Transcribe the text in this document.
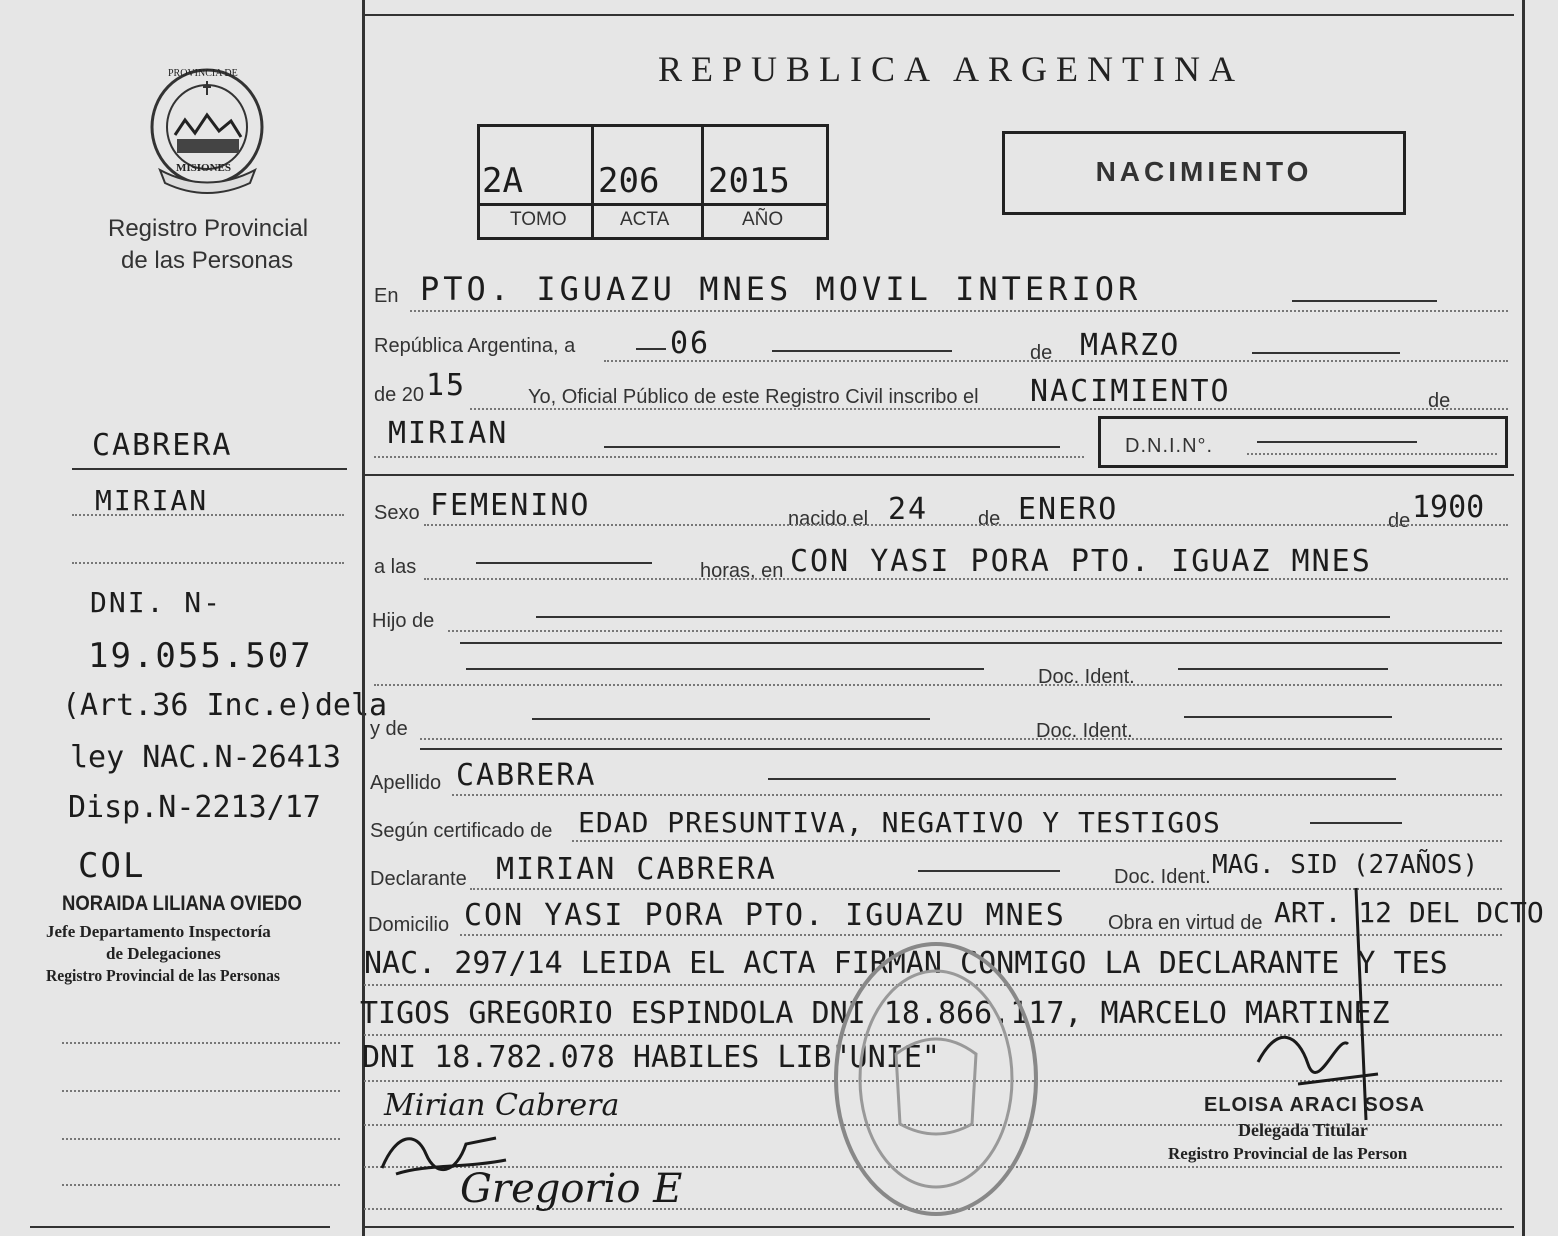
PROVINCIA DE
MISIONES
Registro Provincial
de las Personas
CABRERA
MIRIAN
DNI. N-
19.055.507
(Art.36 Inc.e)dela
ley NAC.N-26413
Disp.N-2213/17
COL
NORAIDA LILIANA OVIEDO
Jefe Departamento Inspectoría
de Delegaciones
Registro Provincial de las Personas
REPUBLICA ARGENTINA
2A 206 2015
TOMO	ACTA	AÑO
NACIMIENTO
En PTO. IGUAZU MNES MOVIL INTERIOR
República Argentina, a	06	de MARZO
de 20 15	Yo, Oficial Público de este Registro Civil inscribo el NACIMIENTO	de
MIRIAN	D.N.I.N°.
Sexo FEMENINO	nacido el 24 de ENERO	de 1900
a las	horas, en CON YASI PORA PTO. IGUAZ MNES
Hijo de
Doc. Ident.
y de	Doc. Ident.
Apellido CABRERA
Según certificado de EDAD PRESUNTIVA, NEGATIVO Y TESTIGOS
Declarante MIRIAN CABRERA	Doc. Ident. MAG. SID (27AÑOS)
Domicilio CON YASI PORA PTO. IGUAZU MNES Obra en virtud de ART. 12 DEL DCTO
NAC. 297/14 LEIDA EL ACTA FIRMAN CONMIGO LA DECLARANTE Y TES
TIGOS GREGORIO ESPINDOLA DNI 18.866.117, MARCELO MARTINEZ
DNI 18.782.078 HABILES LIB"UNIE"
Mirian Cabrera
Gregorio E
ELOISA ARACI SOSA
Delegada Titular
Registro Provincial de las Person
